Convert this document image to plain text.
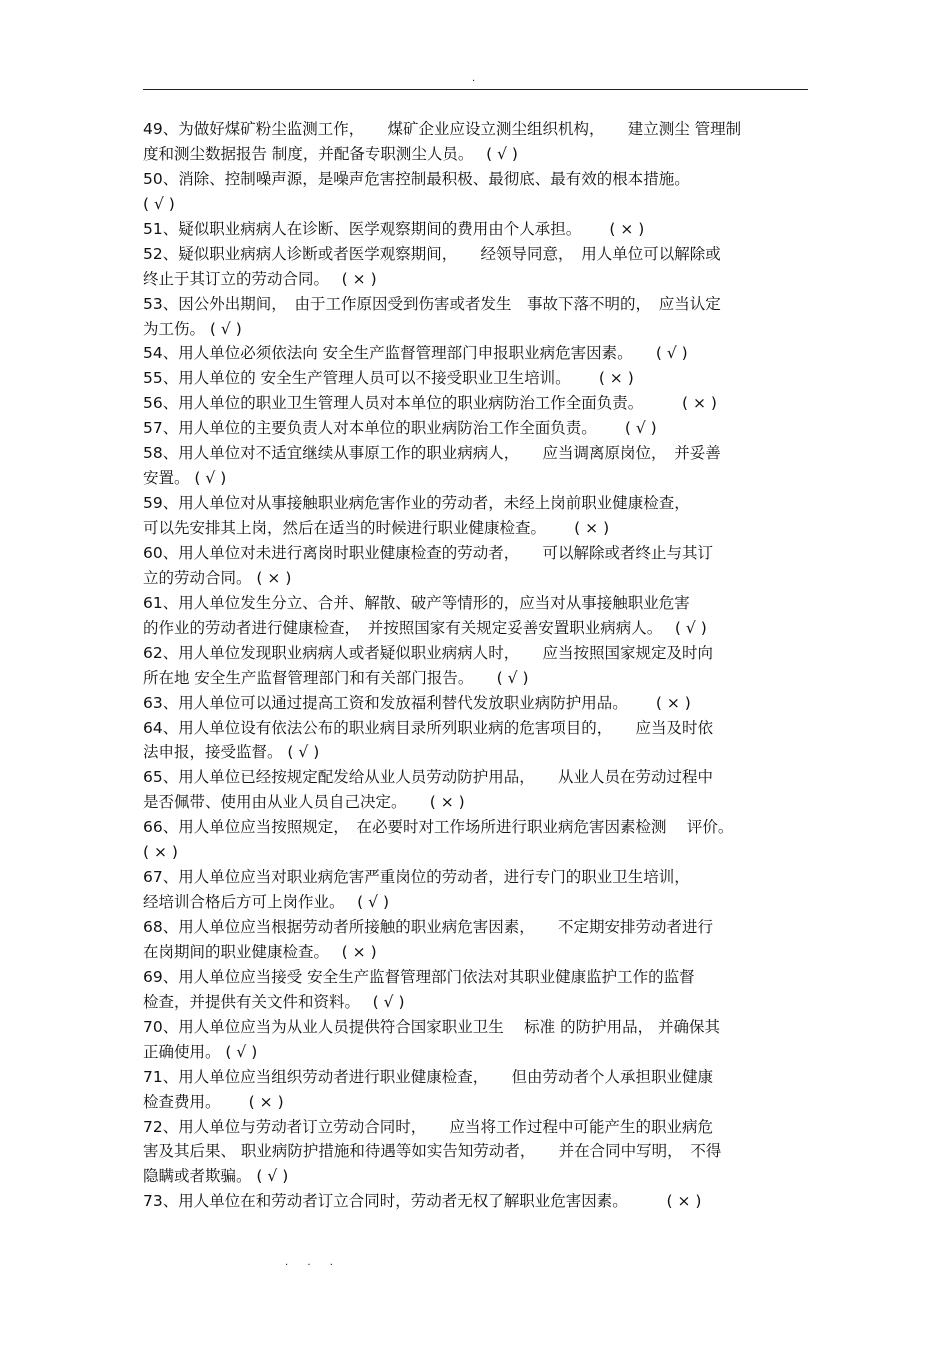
.
49、为做好煤矿粉尘监测工作，　　煤矿企业应设立测尘组织机构，　　建立测尘 管理制
度和测尘数据报告 制度，并配备专职测尘人员。　 ( √ )
50、消除、控制噪声源，是噪声危害控制最积极、最彻底、最有效的根本措施。
( √ )
51、疑似职业病病人在诊断、医学观察期间的费用由个人承担。　　 ( × )
52、疑似职业病病人诊断或者医学观察期间，　　经领导同意，　用人单位可以解除或
终止于其订立的劳动合同。　 ( × )
53、因公外出期间，　由于工作原因受到伤害或者发生　事故下落不明的，　应当认定
为工伤。 ( √ )
54、用人单位必须依法向 安全生产监督管理部门申报职业病危害因素。　　( √ )
55、用人单位的 安全生产管理人员可以不接受职业卫生培训。　　 ( × )
56、用人单位的职业卫生管理人员对本单位的职业病防治工作全面负责。　　　( × )
57、用人单位的主要负责人对本单位的职业病防治工作全面负责。　　 ( √ )
58、用人单位对不适宜继续从事原工作的职业病病人，　　应当调离原岗位，　并妥善
安置。 ( √ )
59、用人单位对从事接触职业病危害作业的劳动者，未经上岗前职业健康检查，
可以先安排其上岗，然后在适当的时候进行职业健康检查。　　 ( × )
60、用人单位对未进行离岗时职业健康检查的劳动者，　　可以解除或者终止与其订
立的劳动合同。 ( × )
61、用人单位发生分立、合并、解散、破产等情形的，应当对从事接触职业危害
的作业的劳动者进行健康检查，　并按照国家有关规定妥善安置职业病病人。　 ( √ )
62、用人单位发现职业病病人或者疑似职业病病人时，　　应当按照国家规定及时向
所在地 安全生产监督管理部门和有关部门报告。　　( √ )
63、用人单位可以通过提高工资和发放福利替代发放职业病防护用品。　　 ( × )
64、用人单位设有依法公布的职业病目录所列职业病的危害项目的，　　应当及时依
法申报，接受监督。 ( √ )
65、用人单位已经按规定配发给从业人员劳动防护用品，　　从业人员在劳动过程中
是否佩带、使用由从业人员自己决定。　　( × )
66、用人单位应当按照规定，　在必要时对工作场所进行职业病危害因素检测　 评价。
( × )
67、用人单位应当对职业病危害严重岗位的劳动者，进行专门的职业卫生培训，
经培训合格后方可上岗作业。　 ( √ )
68、用人单位应当根据劳动者所接触的职业病危害因素，　　不定期安排劳动者进行
在岗期间的职业健康检查。　 ( × )
69、用人单位应当接受 安全生产监督管理部门依法对其职业健康监护工作的监督
检查，并提供有关文件和资料。　 ( √ )
70、用人单位应当为从业人员提供符合国家职业卫生　 标准 的防护用品， 并确保其
正确使用。 ( √ )
71、用人单位应当组织劳动者进行职业健康检查，　　但由劳动者个人承担职业健康
检查费用。　　 ( × )
72、用人单位与劳动者订立劳动合同时，　　应当将工作过程中可能产生的职业病危
害及其后果、 职业病防护措施和待遇等如实告知劳动者，　　并在合同中写明，　不得
隐瞒或者欺骗。 ( √ )
73、用人单位在和劳动者订立合同时，劳动者无权了解职业危害因素。　　　( × )
. . .
